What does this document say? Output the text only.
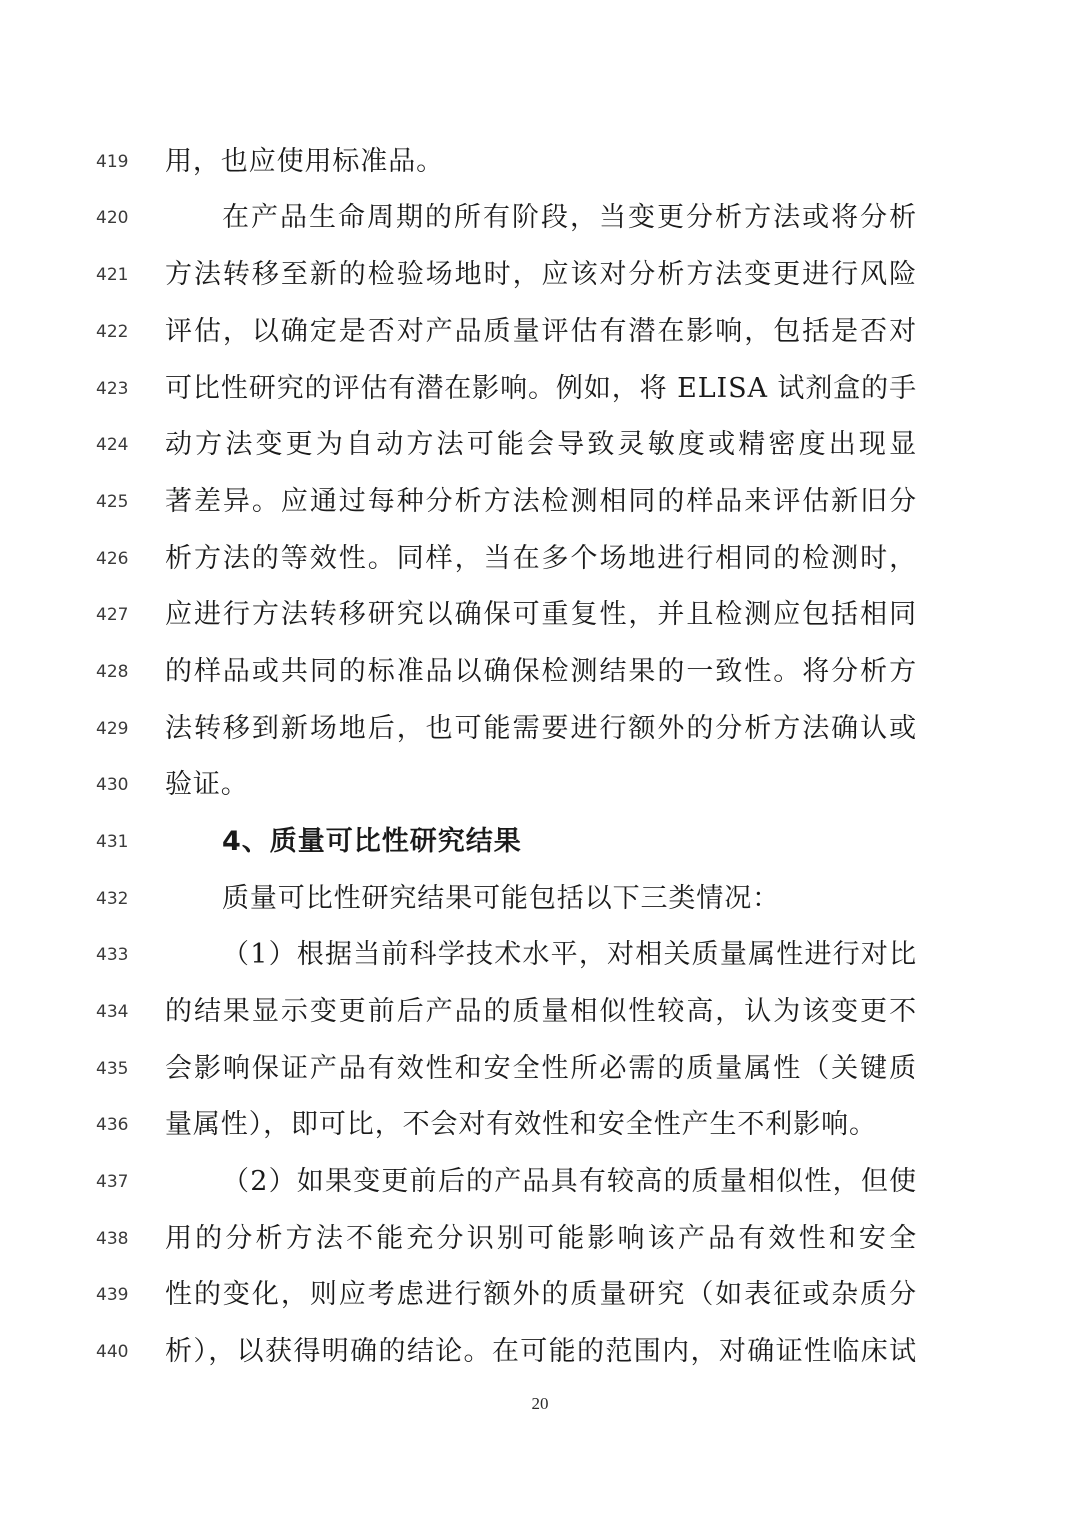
419 用，也应使用标准品。
420	在产品生命周期的所有阶段，当变更分析方法或将分析
421 方法转移至新的检验场地时，应该对分析方法变更进行风险
422 评估，以确定是否对产品质量评估有潜在影响，包括是否对
423 可比性研究的评估有潜在影响。例如，将 ELISA 试剂盒的手
424 动方法变更为自动方法可能会导致灵敏度或精密度出现显
425 著差异。应通过每种分析方法检测相同的样品来评估新旧分
426 析方法的等效性。同样，当在多个场地进行相同的检测时，
427 应进行方法转移研究以确保可重复性，并且检测应包括相同
428 的样品或共同的标准品以确保检测结果的一致性。将分析方
429 法转移到新场地后，也可能需要进行额外的分析方法确认或
430 验证。
431	4、质量可比性研究结果
432	质量可比性研究结果可能包括以下三类情况：
433	（1）根据当前科学技术水平，对相关质量属性进行对比
434 的结果显示变更前后产品的质量相似性较高，认为该变更不
435 会影响保证产品有效性和安全性所必需的质量属性（关键质
436 量属性），即可比，不会对有效性和安全性产生不利影响。
437	（2）如果变更前后的产品具有较高的质量相似性，但使
438 用的分析方法不能充分识别可能影响该产品有效性和安全
439 性的变化，则应考虑进行额外的质量研究（如表征或杂质分
440 析），以获得明确的结论。在可能的范围内，对确证性临床试
20
